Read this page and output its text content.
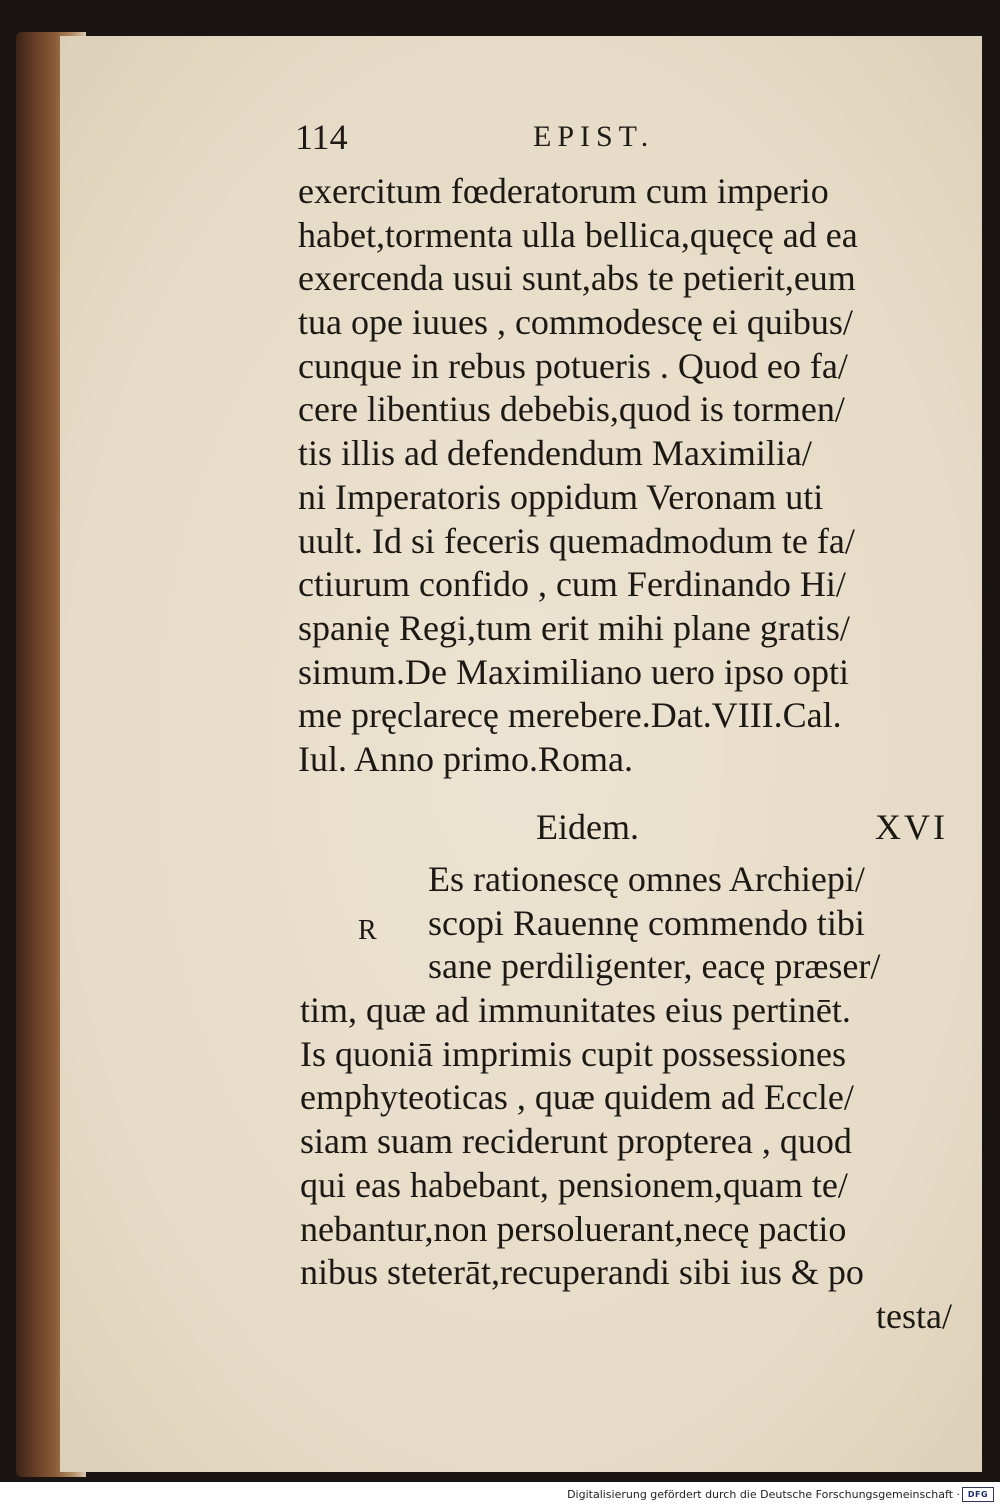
114	EPIST.
exercitum fœderatorum cum imperio
habet,tormenta ulla bellica,quęcę ad ea
exercenda usui sunt,abs te petierit,eum
tua ope iuues , commodescę ei quibus/
cunque in rebus potueris . Quod eo fa/
cere libentius debebis,quod is tormen/
tis illis ad defendendum Maximilia/
ni Imperatoris oppidum Veronam uti
uult. Id si feceris quemadmodum te fa/
ctiurum confido , cum Ferdinando Hi/
spanię Regi,tum erit mihi plane gratis/
simum.De Maximiliano uero ipso opti
me pręclarecę merebere.Dat.VIII.Cal.
Iul. Anno primo.Roma.
Eidem.	XVI
R
Es rationescę omnes Archiepi/
scopi Rauennę commendo tibi
sane perdiligenter, eacę præser/
tim, quæ ad immunitates eius pertinēt.
Is quoniā imprimis cupit possessiones
emphyteoticas , quæ quidem ad Eccle/
siam suam reciderunt propterea , quod
qui eas habebant, pensionem,quam te/
nebantur,non persoluerant,necę pactio
nibus steterāt,recuperandi sibi ius & po
testa/
Digitalisierung gefördert durch die Deutsche Forschungsgemeinschaft · DFG
